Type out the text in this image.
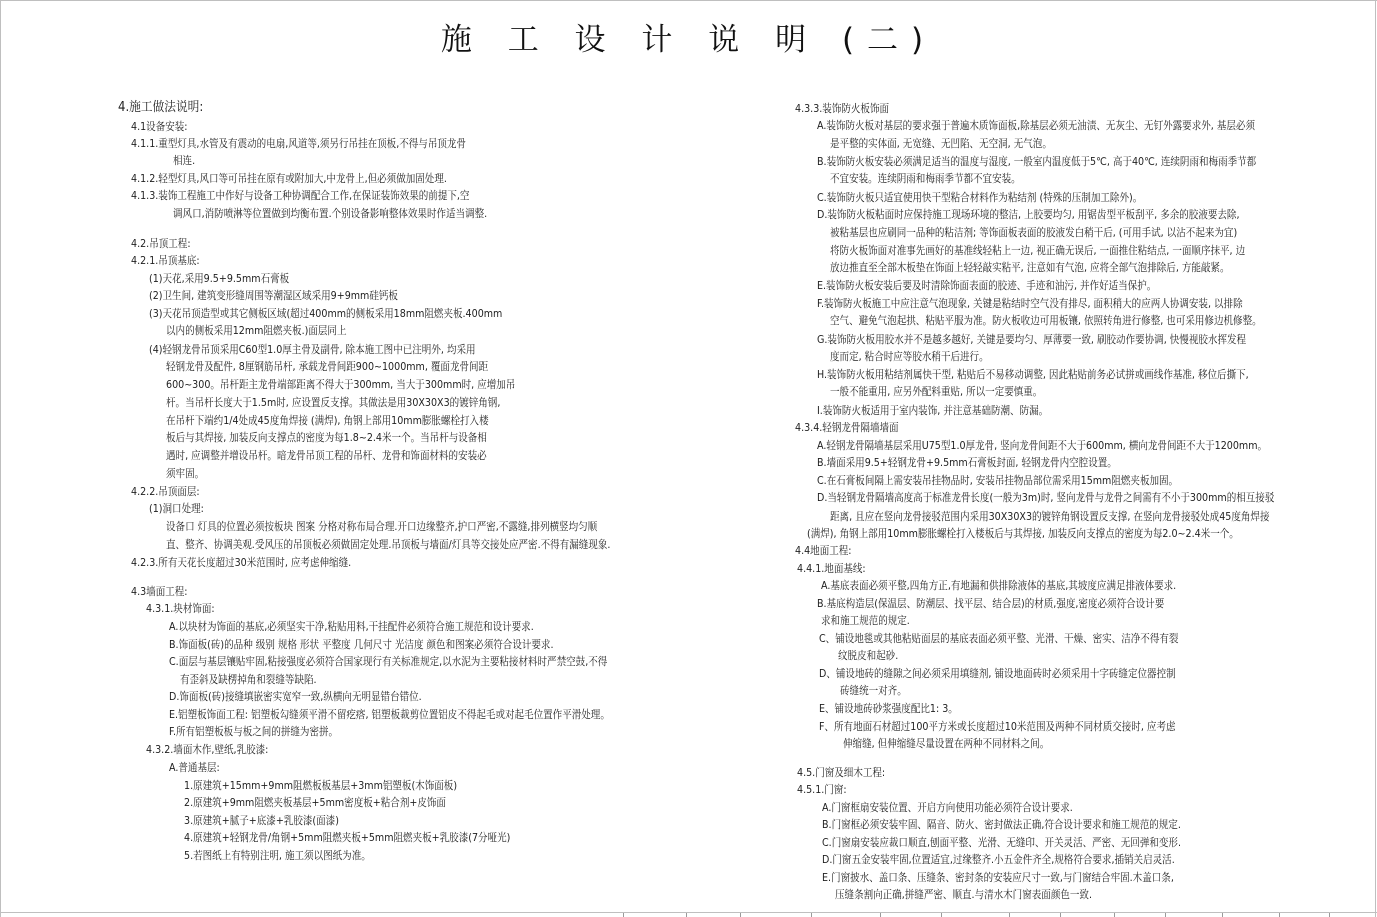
施 工 设 计 说 明 (二)
4.施工做法说明:
4.1设备安装:
4.1.1.重型灯具,水管及有震动的电扇,风道等,须另行吊挂在顶板,不得与吊顶龙骨
相连.
4.1.2.轻型灯具,风口等可吊挂在原有或附加大,中龙骨上,但必须做加固处理.
4.1.3.装饰工程施工中作好与设备工种协调配合工作,在保证装饰效果的前提下,空
调风口,消防喷淋等位置做到均衡布置.个别设备影响整体效果时作适当调整.
4.2.吊顶工程:
4.2.1.吊顶基底:
(1)天花,采用9.5+9.5mm石膏板
(2)卫生间, 建筑变形缝周围等潮湿区域采用9+9mm硅钙板
(3)天花吊顶造型或其它侧板区域(超过400mm的侧板采用18mm阻燃夹板.400mm
以内的侧板采用12mm阻燃夹板.)面层同上
(4)轻钢龙骨吊顶采用C60型1.0厚主骨及副骨, 除本施工图中已注明外, 均采用
轻钢龙骨及配件, 8厘钢筋吊杆, 承载龙骨间距900~1000mm, 覆面龙骨间距
600~300。吊杆距主龙骨端部距离不得大于300mm, 当大于300mm时, 应增加吊
杆。当吊杆长度大于1.5m时, 应设置反支撑。其做法是用30X30X3的镀锌角钢,
在吊杆下端约1/4处成45度角焊接 (满焊), 角钢上部用10mm膨胀螺栓打入楼
板后与其焊接, 加装反向支撑点的密度为每1.8~2.4米一个。当吊杆与设备相
遇时, 应调整并增设吊杆。暗龙骨吊顶工程的吊杆、龙骨和饰面材料的安装必
须牢固。
4.2.2.吊顶面层:
(1)洞口处理:
设备口 灯具的位置必须按板块 图案 分格对称布局合理.开口边缘整齐,护口严密,不露缝,排列横竖均匀顺
直、整齐、协调美观.受风压的吊顶板必须做固定处理.吊顶板与墙面/灯具等交接处应严密.不得有漏缝现象.
4.2.3.所有天花长度超过30米范围时, 应考虑伸缩缝.
4.3墙面工程:
4.3.1.块材饰面:
A.以块材为饰面的基底,必须坚实干净,粘贴用料,干挂配件必须符合施工规范和设计要求.
B.饰面板(砖)的品种 级别 规格 形状 平整度 几何尺寸 光洁度 颜色和图案必须符合设计要求.
C.面层与基层镶贴牢固,粘接强度必须符合国家现行有关标准规定,以水泥为主要粘接材料时严禁空鼓,不得
有歪斜及缺楞掉角和裂缝等缺陷.
D.饰面板(砖)接缝填嵌密实宽窄一致,纵横向无明显错台错位.
E.铝塑板饰面工程: 铝塑板勾缝须平滑不留疙瘩, 铝塑板裁剪位置铝皮不得起毛或对起毛位置作平滑处理。
F.所有铝塑板板与板之间的拼缝为密拼。
4.3.2.墙面木作,壁纸,乳胶漆:
A.普通基层:
1.原建筑+15mm+9mm阻燃板板基层+3mm铝塑板(木饰面板)
2.原建筑+9mm阻燃夹板基层+5mm密度板+粘合剂+皮饰面
3.原建筑+腻子+底漆+乳胶漆(面漆)
4.原建筑+轻钢龙骨/角钢+5mm阻燃夹板+5mm阻燃夹板+乳胶漆(7分哑光)
5.若图纸上有特别注明, 施工须以图纸为准。
4.3.3.装饰防火板饰面
A.装饰防火板对基层的要求强于普遍木质饰面板,除基层必须无油渍、无灰尘、无钉外露要求外, 基层必须
是平整的实体面, 无宽缝、无凹陷、无空洞, 无气泡。
B.装饰防火板安装必须满足适当的温度与湿度, 一般室内温度低于5℃, 高于40℃, 连续阴雨和梅雨季节都
不宜安装。连续阴雨和梅雨季节都不宜安装。
C.装饰防火板只适宜使用快干型粘合材料作为粘结剂 (特殊的压制加工除外)。
D.装饰防火板粘面时应保持施工现场环境的整洁, 上胶要均匀, 用锯齿型平板刮平, 多余的胶液要去除,
被粘基层也应刷同一品种的粘洁剂; 等饰面板表面的胶液发白稍干后, (可用手试, 以沾不起来为宜)
将防火板饰面对准事先画好的基准线轻粘上一边, 视正确无误后, 一面推住粘结点, 一面顺序抹平, 边
放边推直至全部木板垫在饰面上轻轻敲实粘平, 注意如有气泡, 应将全部气泡排除后, 方能敲紧。
E.装饰防火板安装后要及时清除饰面表面的胶迹、手迹和油污, 并作好适当保护。
F.装饰防火板施工中应注意气泡现象, 关键是粘结时空气没有排尽, 面积稍大的应两人协调安装, 以排除
空气、避免气泡起拱、粘贴平服为准。防火板收边可用板镶, 依照转角进行修整, 也可采用修边机修整。
G.装饰防火板用胶水并不是越多越好, 关键是要均匀、厚薄要一致, 刷胶动作要协调, 快慢视胶水挥发程
度而定, 粘合时应等胶水稍干后进行。
H.装饰防火板用粘结剂属快干型, 粘贴后不易移动调整, 因此粘贴前务必试拼或画线作基准, 移位后撕下,
一般不能重用, 应另外配料重贴, 所以一定要慎重。
I.装饰防火板适用于室内装饰, 并注意基础防潮、防漏。
4.3.4.轻钢龙骨隔墙墙面
A.轻钢龙骨隔墙基层采用U75型1.0厚龙骨, 竖向龙骨间距不大于600mm, 横向龙骨间距不大于1200mm。
B.墙面采用9.5+轻钢龙骨+9.5mm石膏板封面, 轻钢龙骨内空腔设置。
C.在石膏板间隔上需安装吊挂物品时, 安装吊挂物品部位需采用15mm阻燃夹板加固。
D.当轻钢龙骨隔墙高度高于标准龙骨长度(一般为3m)时, 竖向龙骨与龙骨之间需有不小于300mm的相互接驳
距离, 且应在竖向龙骨接驳范围内采用30X30X3的镀锌角钢设置反支撑, 在竖向龙骨接驳处成45度角焊接
(满焊), 角钢上部用10mm膨胀螺栓打入楼板后与其焊接, 加装反向支撑点的密度为每2.0~2.4米一个。
4.4地面工程:
4.4.1.地面基线:
A.基底表面必须平整,四角方正,有地漏和供排除液体的基底,其坡度应满足排液体要求.
B.基底构造层(保温层、防潮层、找平层、结合层)的材质,强度,密度必须符合设计要
求和施工规范的规定.
C、铺设地毯或其他粘贴面层的基底表面必须平整、光滑、干燥、密实、洁净不得有裂
纹脱皮和起砂.
D、铺设地砖的缝隙之间必须采用填缝剂, 铺设地面砖时必须采用十字砖缝定位器控制
砖缝统一对齐。
E、铺设地砖砂浆强度配比1: 3。
F、所有地面石材超过100平方米或长度超过10米范围及两种不同材质交接时, 应考虑
伸缩缝, 但伸缩缝尽量设置在两种不同材料之间。
4.5.门窗及细木工程:
4.5.1.门窗:
A.门窗框扇安装位置、开启方向使用功能必须符合设计要求.
B.门窗框必须安装牢固、隔音、防火、密封做法正确,符合设计要求和施工规范的规定.
C.门窗扇安装应裁口顺直,刨面平整、光滑、无缝印、开关灵活、严密、无回弹和变形.
D.门窗五金安装牢固,位置适宜,过缘整齐.小五金件齐全,规格符合要求,插销关启灵活.
E.门窗披水、盖口条、压缝条、密封条的安装应尺寸一致,与门窗结合牢固.木盖口条,
压缝条割向正确,拼缝严密、顺直.与清水木门窗表面颜色一致.
